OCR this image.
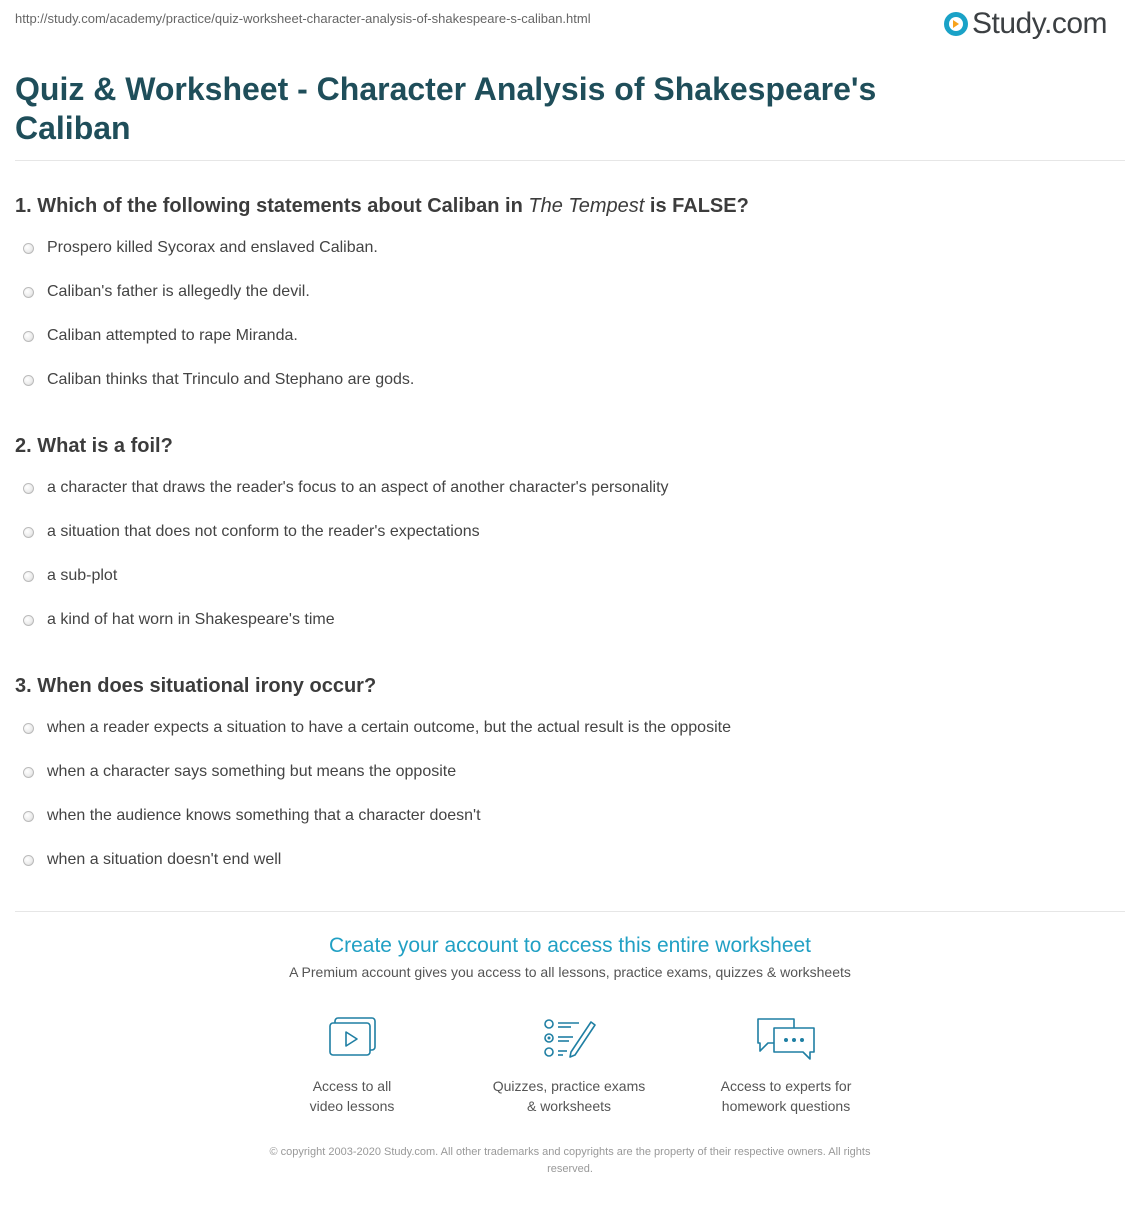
http://study.com/academy/practice/quiz-worksheet-character-analysis-of-shakespeare-s-caliban.html	Study.com
Quiz & Worksheet - Character Analysis of Shakespeare's Caliban

1. Which of the following statements about Caliban in The Tempest is FALSE?

Prospero killed Sycorax and enslaved Caliban.
Caliban's father is allegedly the devil.
Caliban attempted to rape Miranda.
Caliban thinks that Trinculo and Stephano are gods.

2. What is a foil?

a character that draws the reader's focus to an aspect of another character's personality
a situation that does not conform to the reader's expectations
a sub-plot
a kind of hat worn in Shakespeare's time

3. When does situational irony occur?

when a reader expects a situation to have a certain outcome, but the actual result is the opposite
when a character says something but means the opposite
when the audience knows something that a character doesn't
when a situation doesn't end well
Create your account to access this entire worksheet
A Premium account gives you access to all lessons, practice exams, quizzes & worksheets
Access to all
video lessons
Quizzes, practice exams
& worksheets
Access to experts for
homework questions
© copyright 2003-2020 Study.com. All other trademarks and copyrights are the property of their respective owners. All rights
reserved.
